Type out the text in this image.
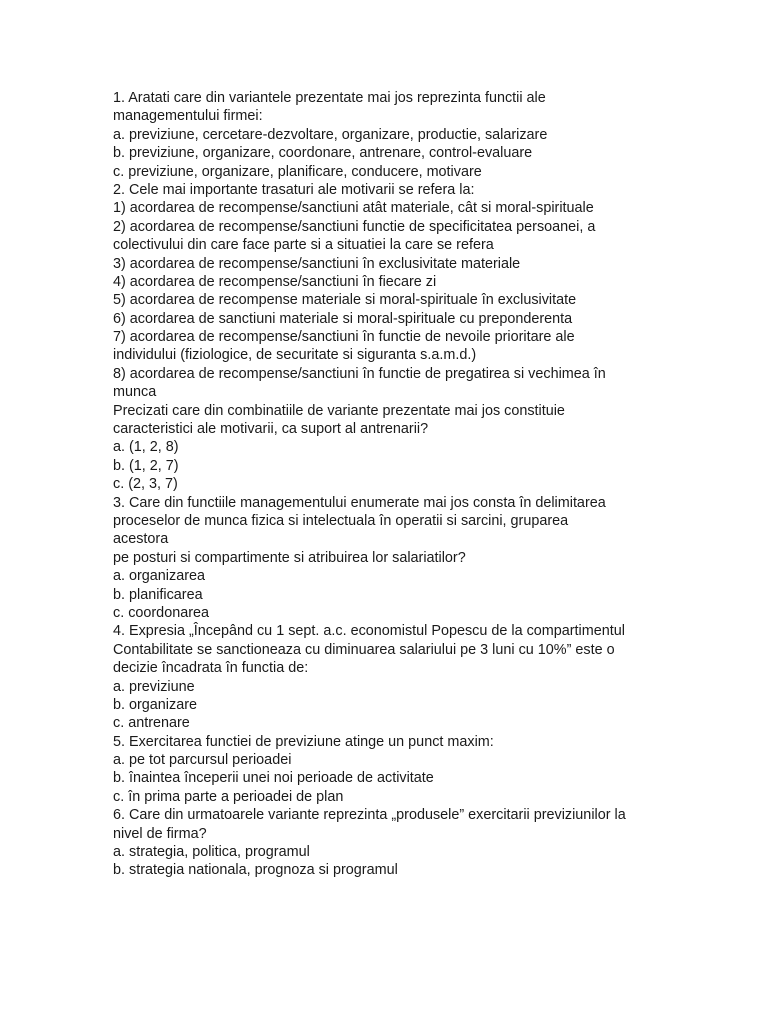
1. Aratati care din variantele prezentate mai jos reprezinta functii ale
managementului firmei:
a. previziune, cercetare-dezvoltare, organizare, productie, salarizare
b. previziune, organizare, coordonare, antrenare, control-evaluare
c. previziune, organizare, planificare, conducere, motivare
2. Cele mai importante trasaturi ale motivarii se refera la:
1) acordarea de recompense/sanctiuni atât materiale, cât si moral-spirituale
2) acordarea de recompense/sanctiuni functie de specificitatea persoanei, a
colectivului din care face parte si a situatiei la care se refera
3) acordarea de recompense/sanctiuni în exclusivitate materiale
4) acordarea de recompense/sanctiuni în fiecare zi
5) acordarea de recompense materiale si moral-spirituale în exclusivitate
6) acordarea de sanctiuni materiale si moral-spirituale cu preponderenta
7) acordarea de recompense/sanctiuni în functie de nevoile prioritare ale
individului (fiziologice, de securitate si siguranta s.a.m.d.)
8) acordarea de recompense/sanctiuni în functie de pregatirea si vechimea în
munca
Precizati care din combinatiile de variante prezentate mai jos constituie
caracteristici ale motivarii, ca suport al antrenarii?
a. (1, 2, 8)
b. (1, 2, 7)
c. (2, 3, 7)
3. Care din functiile managementului enumerate mai jos consta în delimitarea
proceselor de munca fizica si intelectuala în operatii si sarcini, gruparea
acestora
pe posturi si compartimente si atribuirea lor salariatilor?
a. organizarea
b. planificarea
c. coordonarea
4. Expresia „Începând cu 1 sept. a.c. economistul Popescu de la compartimentul
Contabilitate se sanctioneaza cu diminuarea salariului pe 3 luni cu 10%” este o
decizie încadrata în functia de:
a. previziune
b. organizare
c. antrenare
5. Exercitarea functiei de previziune atinge un punct maxim:
a. pe tot parcursul perioadei
b. înaintea începerii unei noi perioade de activitate
c. în prima parte a perioadei de plan
6. Care din urmatoarele variante reprezinta „produsele” exercitarii previziunilor la
nivel de firma?
a. strategia, politica, programul
b. strategia nationala, prognoza si programul
